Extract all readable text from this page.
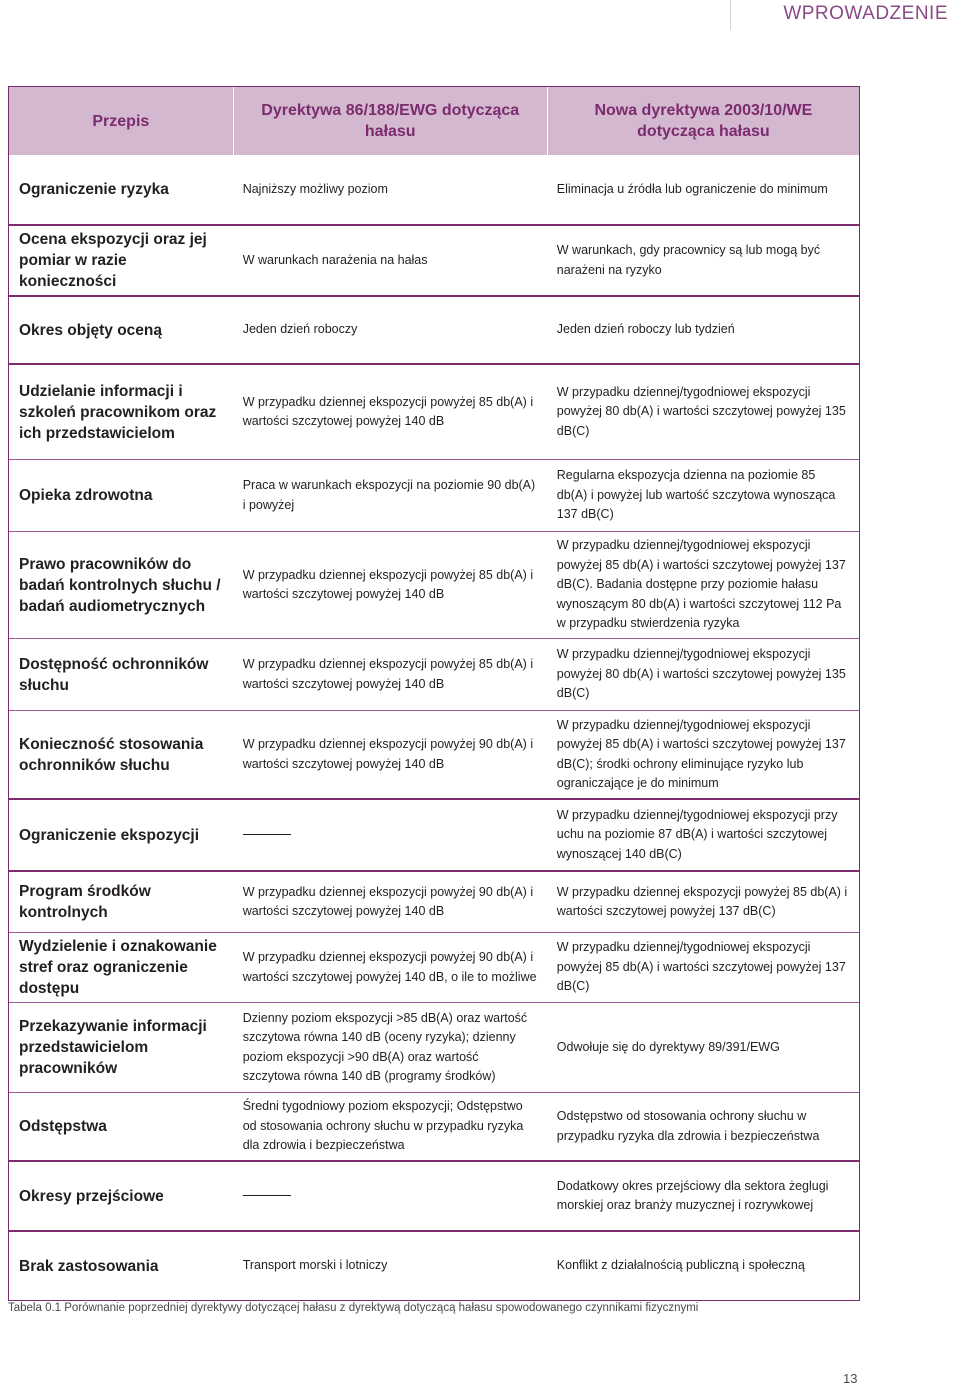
WPROWADZENIE
Przepis	Dyrektywa 86/188/EWG dotycząca hałasu	Nowa dyrektywa 2003/10/WE dotycząca hałasu
Ograniczenie ryzyka	Najniższy możliwy poziom	Eliminacja u źródła lub ograniczenie do minimum
Ocena ekspozycji oraz jej pomiar w razie konieczności	W warunkach narażenia na hałas	W warunkach, gdy pracownicy są lub mogą być narażeni na ryzyko
Okres objęty oceną	Jeden dzień roboczy	Jeden dzień roboczy lub tydzień
Udzielanie informacji i szkoleń pracownikom oraz ich przedstawicielom	W przypadku dziennej ekspozycji powyżej 85 db(A) i wartości szczytowej powyżej 140 dB	W przypadku dziennej/tygodniowej ekspozycji powyżej 80 db(A) i wartości szczytowej powyżej 135 dB(C)
Opieka zdrowotna	Praca w warunkach ekspozycji na poziomie 90 db(A) i powyżej	Regularna ekspozycja dzienna na poziomie 85 db(A) i powyżej lub wartość szczytowa wynosząca 137 dB(C)
Prawo pracowników do badań kontrolnych słuchu / badań audiometrycznych	W przypadku dziennej ekspozycji powyżej 85 db(A) i wartości szczytowej powyżej 140 dB	W przypadku dziennej/tygodniowej ekspozycji powyżej 85 db(A) i wartości szczytowej powyżej 137 dB(C). Badania dostępne przy poziomie hałasu wynoszącym 80 db(A) i wartości szczytowej 112 Pa w przypadku stwierdzenia ryzyka
Dostępność ochronników słuchu	W przypadku dziennej ekspozycji powyżej 85 db(A) i wartości szczytowej powyżej 140 dB	W przypadku dziennej/tygodniowej ekspozycji powyżej 80 db(A) i wartości szczytowej powyżej 135 dB(C)
Konieczność stosowania ochronników słuchu	W przypadku dziennej ekspozycji powyżej 90 db(A) i wartości szczytowej powyżej 140 dB	W przypadku dziennej/tygodniowej ekspozycji powyżej 85 db(A) i wartości szczytowej powyżej 137 dB(C); środki ochrony eliminujące ryzyko lub ograniczające je do minimum
Ograniczenie ekspozycji		W przypadku dziennej/tygodniowej ekspozycji przy uchu na poziomie 87 dB(A) i wartości szczytowej wynoszącej 140 dB(C)
Program środków kontrolnych	W przypadku dziennej ekspozycji powyżej 90 db(A) i wartości szczytowej powyżej 140 dB	W przypadku dziennej ekspozycji powyżej 85 db(A) i wartości szczytowej powyżej 137 dB(C)
Wydzielenie i oznakowanie stref oraz ograniczenie dostępu	W przypadku dziennej ekspozycji powyżej 90 db(A) i wartości szczytowej powyżej 140 dB, o ile to możliwe	W przypadku dziennej/tygodniowej ekspozycji powyżej 85 db(A) i wartości szczytowej powyżej 137 dB(C)
Przekazywanie informacji przedstawicielom pracowników	Dzienny poziom ekspozycji >85 dB(A) oraz wartość szczytowa równa 140 dB (oceny ryzyka); dzienny poziom ekspozycji >90 dB(A) oraz wartość szczytowa równa 140 dB (programy środków)	Odwołuje się do dyrektywy 89/391/EWG
Odstępstwa	Średni tygodniowy poziom ekspozycji; Odstępstwo od stosowania ochrony słuchu w przypadku ryzyka dla zdrowia i bezpieczeństwa	Odstępstwo od stosowania ochrony słuchu w przypadku ryzyka dla zdrowia i bezpieczeństwa
Okresy przejściowe		Dodatkowy okres przejściowy dla sektora żeglugi morskiej oraz branży muzycznej i rozrywkowej
Brak zastosowania	Transport morski i lotniczy	Konflikt z działalnością publiczną i społeczną
Tabela 0.1 Porównanie poprzedniej dyrektywy dotyczącej hałasu z dyrektywą dotyczącą hałasu spowodowanego czynnikami fizycznymi
13
